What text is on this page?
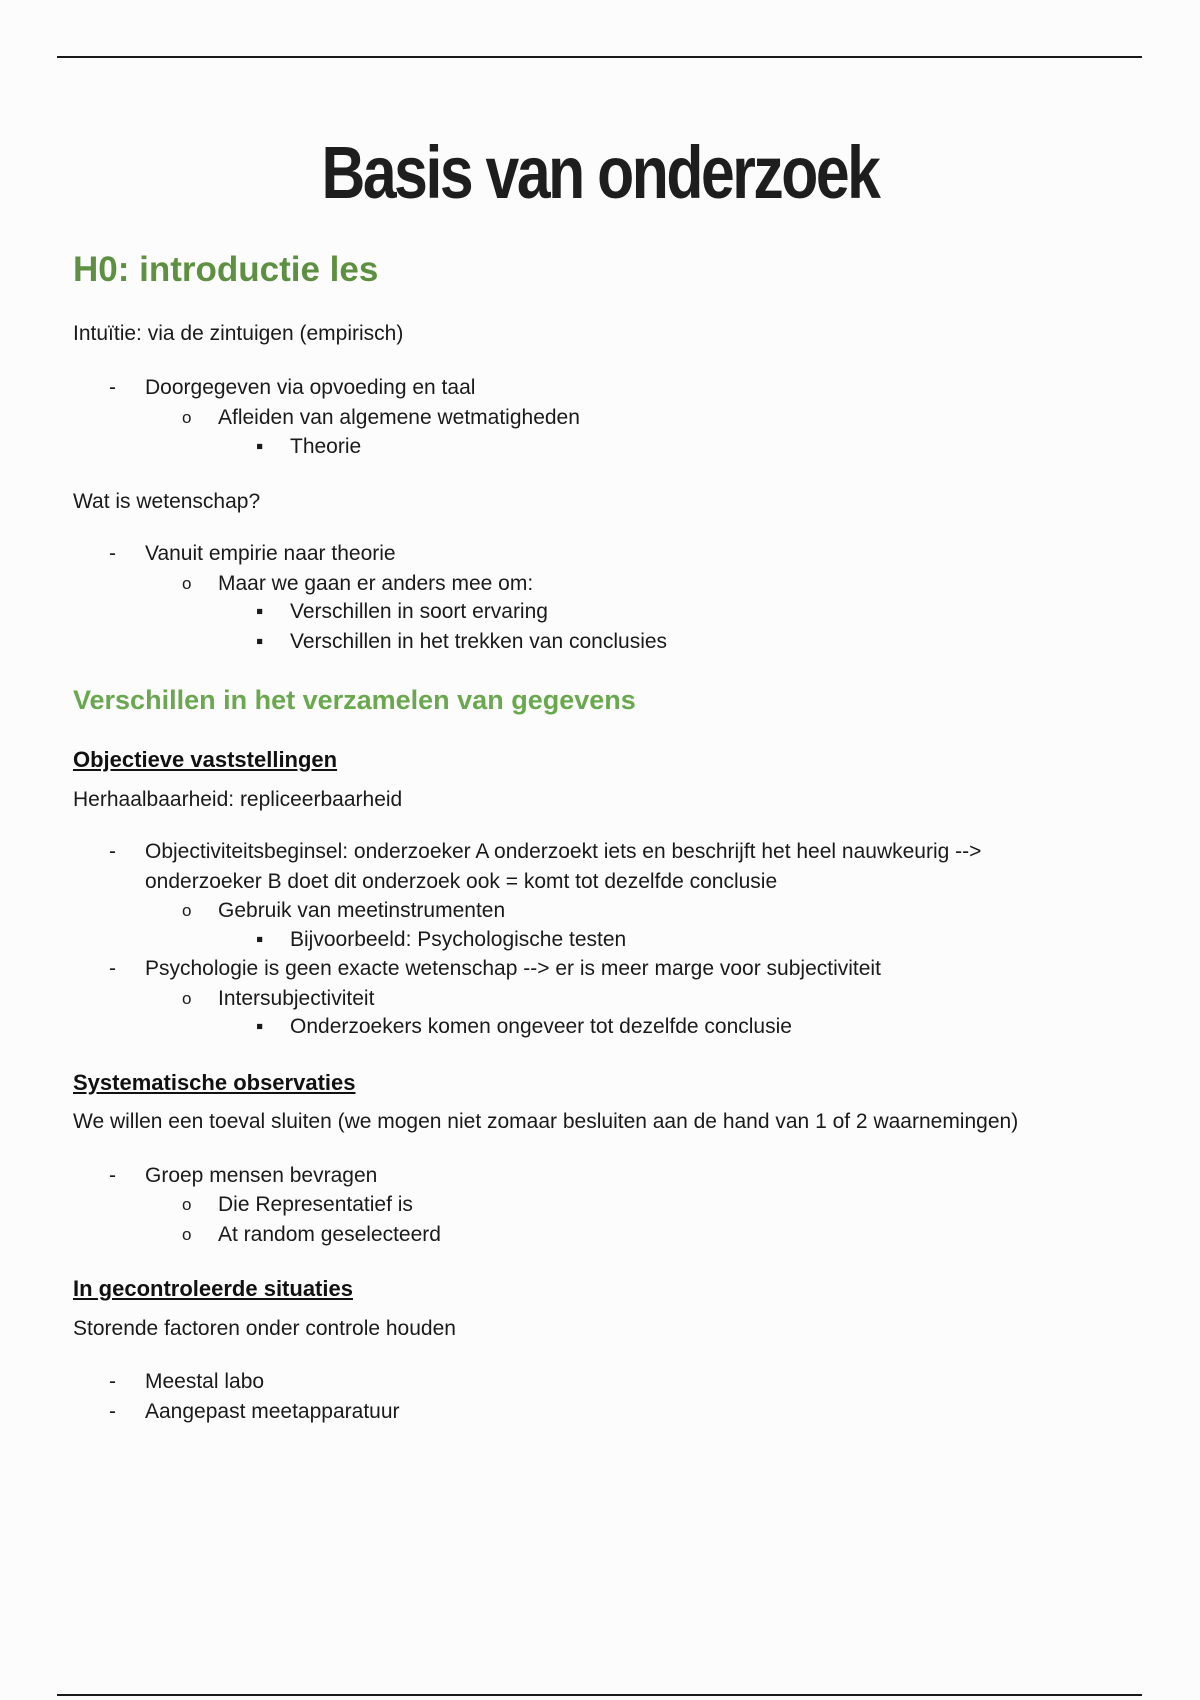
Basis van onderzoek
H0: introductie les
Intuïtie: via de zintuigen (empirisch)
- Doorgegeven via opvoeding en taal
o Afleiden van algemene wetmatigheden
▪ Theorie
Wat is wetenschap?
- Vanuit empirie naar theorie
o Maar we gaan er anders mee om:
▪ Verschillen in soort ervaring
▪ Verschillen in het trekken van conclusies
Verschillen in het verzamelen van gegevens
Objectieve vaststellingen
Herhaalbaarheid: repliceerbaarheid
- Objectiviteitsbeginsel: onderzoeker A onderzoekt iets en beschrijft het heel nauwkeurig -->
onderzoeker B doet dit onderzoek ook = komt tot dezelfde conclusie
o Gebruik van meetinstrumenten
▪ Bijvoorbeeld: Psychologische testen
- Psychologie is geen exacte wetenschap --> er is meer marge voor subjectiviteit
o Intersubjectiviteit
▪ Onderzoekers komen ongeveer tot dezelfde conclusie
Systematische observaties
We willen een toeval sluiten (we mogen niet zomaar besluiten aan de hand van 1 of 2 waarnemingen)
- Groep mensen bevragen
o Die Representatief is
o At random geselecteerd
In gecontroleerde situaties
Storende factoren onder controle houden
- Meestal labo
- Aangepast meetapparatuur
